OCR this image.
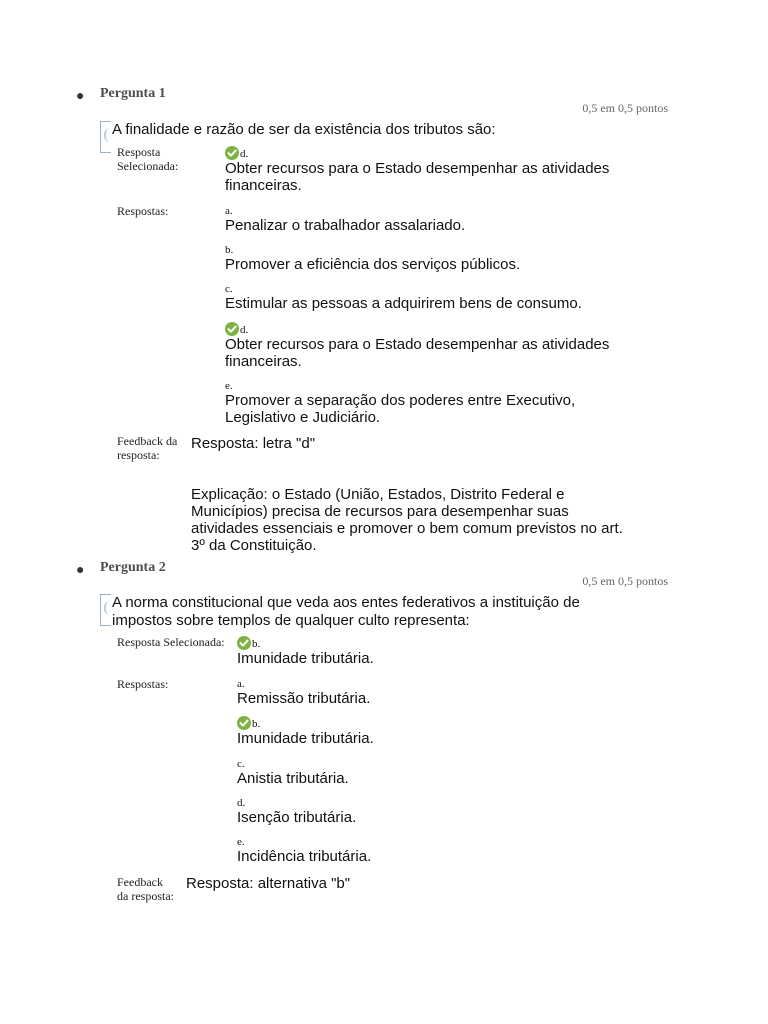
● Pergunta 1
0,5 em 0,5 pontos
A finalidade e razão de ser da existência dos tributos são:
Resposta
Selecionada:
d.
Obter recursos para o Estado desempenhar as atividades
financeiras.
Respostas:	a.
Penalizar o trabalhador assalariado.
b.
Promover a eficiência dos serviços públicos.
c.
Estimular as pessoas a adquirirem bens de consumo.
d.
Obter recursos para o Estado desempenhar as atividades
financeiras.
e.
Promover a separação dos poderes entre Executivo,
Legislativo e Judiciário.
Feedback da
resposta:
Resposta: letra "d"
Explicação: o Estado (União, Estados, Distrito Federal e
Municípios) precisa de recursos para desempenhar suas
atividades essenciais e promover o bem comum previstos no art.
3º da Constituição.
● Pergunta 2
0,5 em 0,5 pontos
A norma constitucional que veda aos entes federativos a instituição de
impostos sobre templos de qualquer culto representa:
Resposta Selecionada:	b.
Imunidade tributária.
Respostas:	a.
Remissão tributária.
b.
Imunidade tributária.
c.
Anistia tributária.
d.
Isenção tributária.
e.
Incidência tributária.
Feedback
da resposta:
Resposta: alternativa "b"
